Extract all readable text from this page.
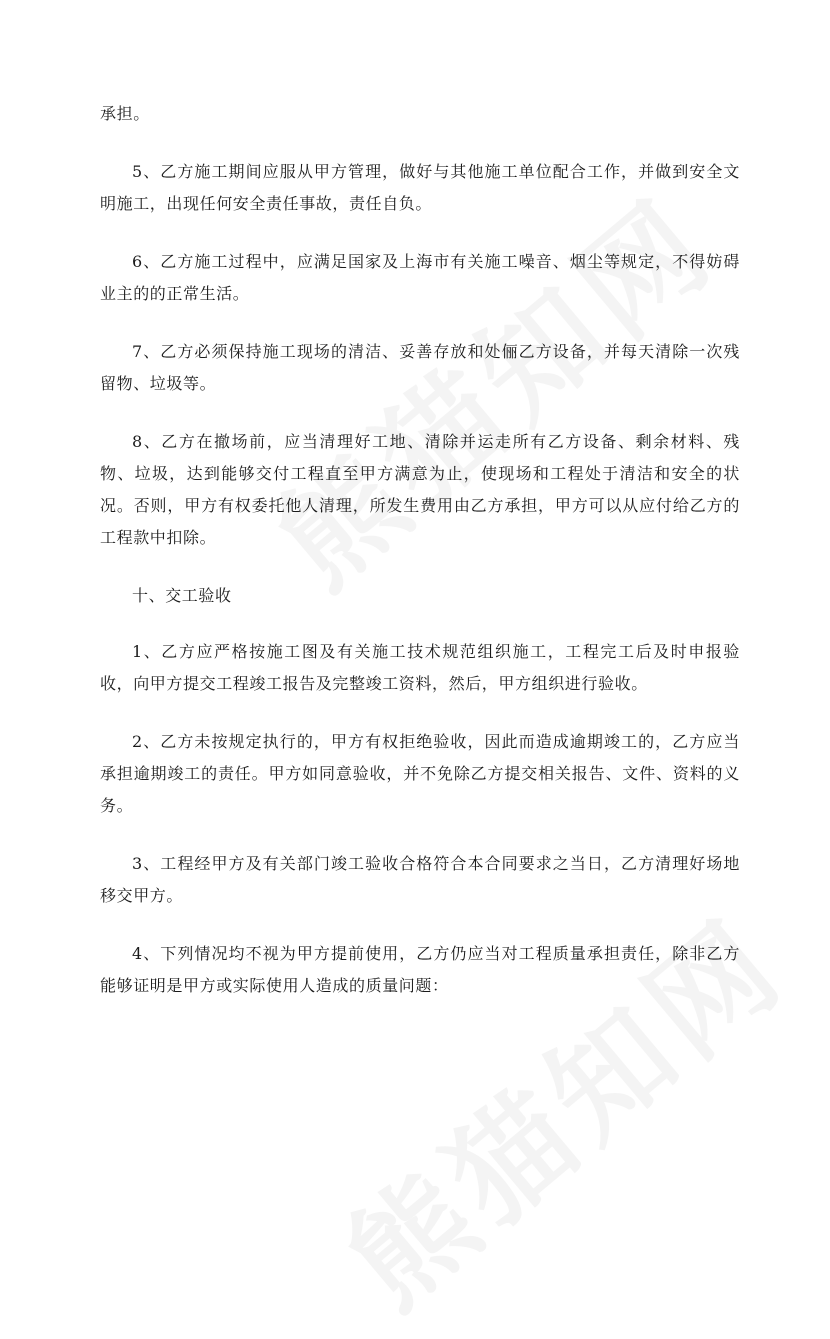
承担。

5、乙方施工期间应服从甲方管理，做好与其他施工单位配合工作，并做到安全文明施工，出现任何安全责任事故，责任自负。

6、乙方施工过程中，应满足国家及上海市有关施工噪音、烟尘等规定，不得妨碍业主的的正常生活。

7、乙方必须保持施工现场的清洁、妥善存放和处俪乙方设备，并每天清除一次残留物、垃圾等。

8、乙方在撤场前，应当清理好工地、清除并运走所有乙方设备、剩余材料、残物、垃圾，达到能够交付工程直至甲方满意为止，使现场和工程处于清洁和安全的状况。否则，甲方有权委托他人清理，所发生费用由乙方承担，甲方可以从应付给乙方的工程款中扣除。

十、交工验收

1、乙方应严格按施工图及有关施工技术规范组织施工，工程完工后及时申报验收，向甲方提交工程竣工报告及完整竣工资料，然后，甲方组织进行验收。

2、乙方未按规定执行的，甲方有权拒绝验收，因此而造成逾期竣工的，乙方应当承担逾期竣工的责任。甲方如同意验收，并不免除乙方提交相关报告、文件、资料的义务。

3、工程经甲方及有关部门竣工验收合格符合本合同要求之当日，乙方清理好场地移交甲方。

4、下列情况均不视为甲方提前使用，乙方仍应当对工程质量承担责任，除非乙方能够证明是甲方或实际使用人造成的质量问题：
